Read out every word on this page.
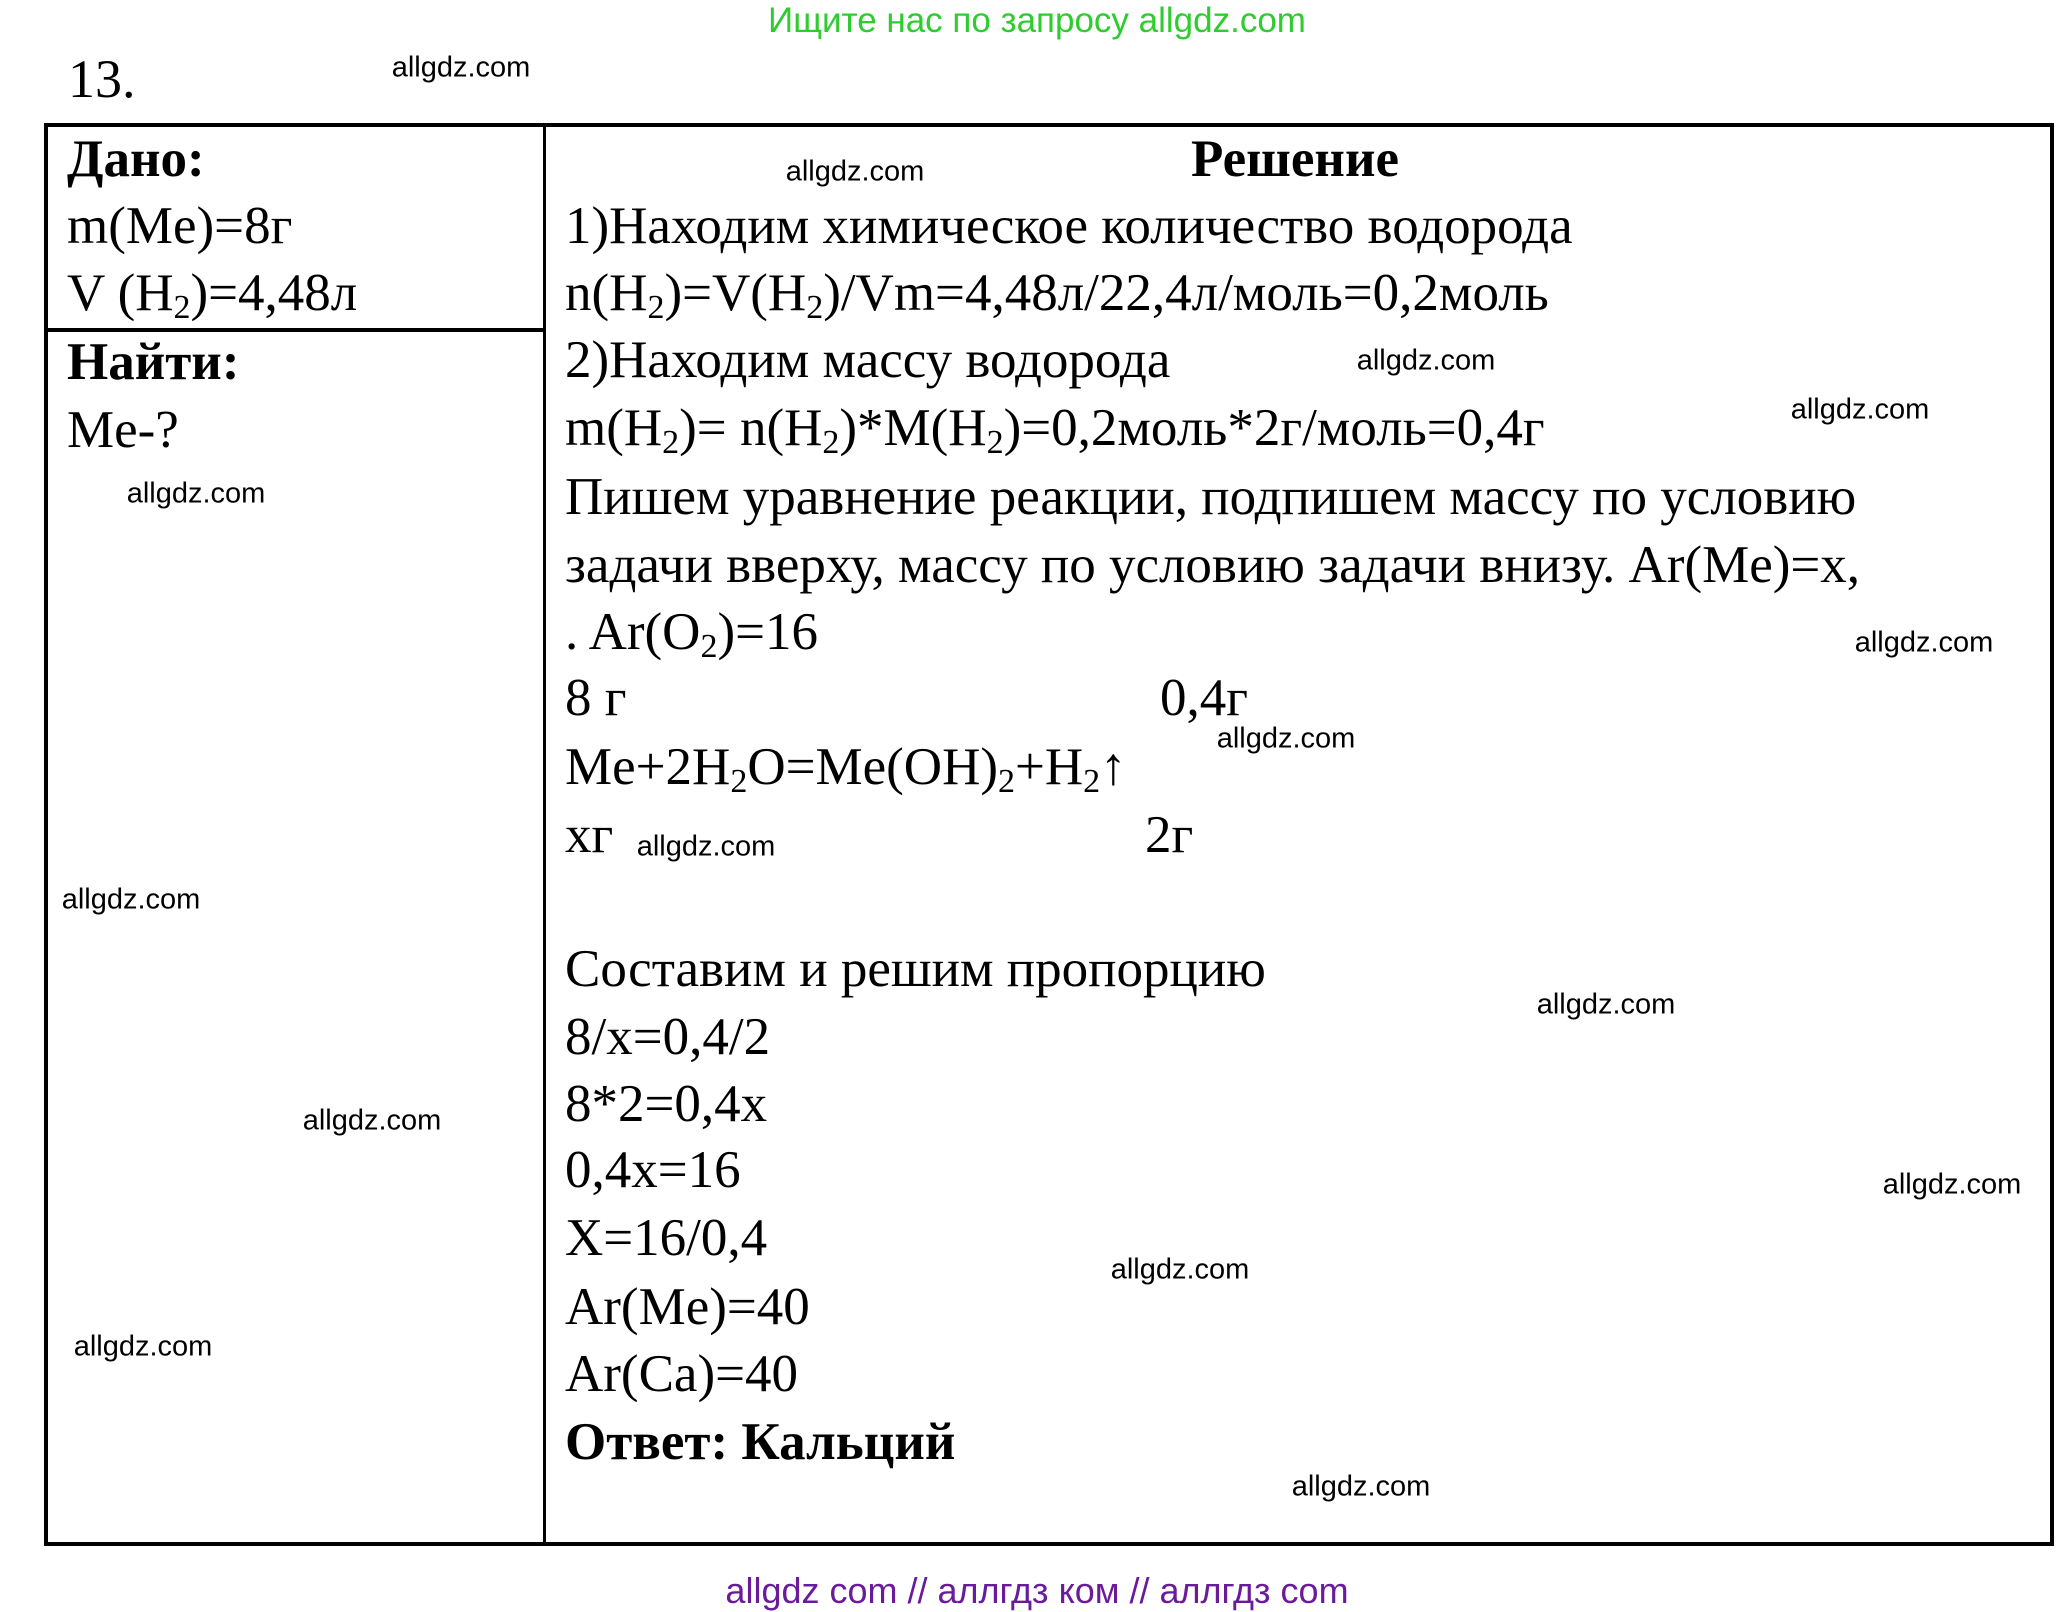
Ищите нас по запросу allgdz.com
13.
Дано:
m(Me)=8г
V $(H_2)=4,48л$
Найти:
Me-?
Решение
1)Находим химическое количество водорода
$n(H_2)=V(H_2)/Vm=4,48л/22,4л/моль=0,2моль$
2)Находим массу водорода
$m(H_2)=$ $n(H_2)*M(H_2)=0,2моль*2г/моль=0,4г$
Пишем уравнение реакции, подпишем массу по условию
задачи вверху, массу по условию задачи внизу. Ar(Me)=x,
. $Ar(O_2)=16$
8 г	0,4г
$Me+2H_2O=Me(OH)_2+H_2↑$
хг	2г
Составим и решим пропорцию
8/x=0,4/2
8*2=0,4x
0,4x=16
X=16/0,4
Ar(Me)=40
Ar(Ca)=40
Ответ: Кальций
allgdz.com
allgdz.com
allgdz.com
allgdz.com
allgdz.com
allgdz.com
allgdz.com
allgdz.com
allgdz.com
allgdz.com
allgdz.com
allgdz.com
allgdz.com
allgdz.com
allgdz.com
allgdz com // аллгдз ком // аллгдз com
